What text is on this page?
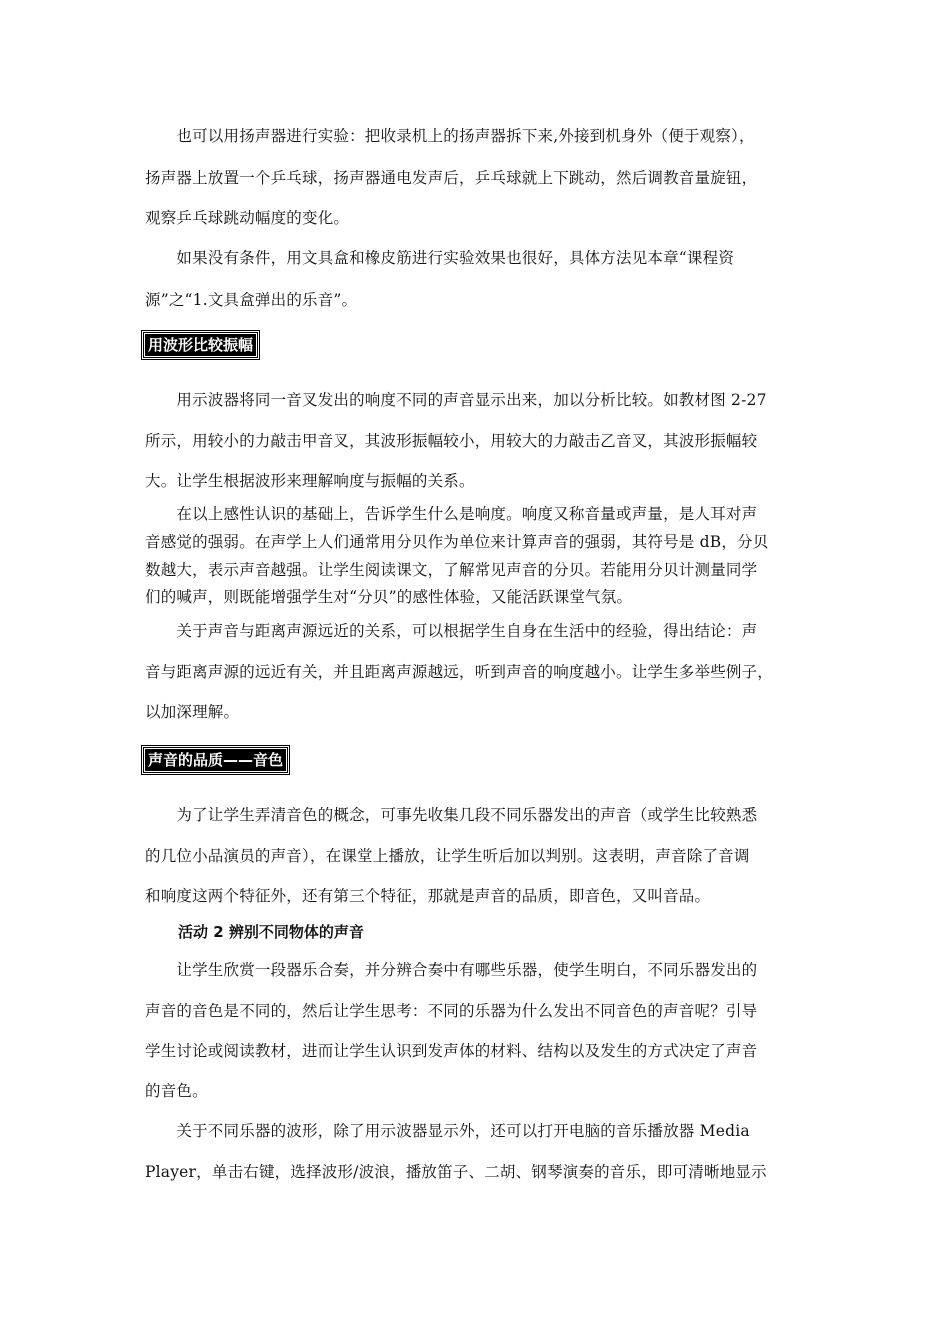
　　也可以用扬声器进行实验：把收录机上的扬声器拆下来,外接到机身外（便于观察），
扬声器上放置一个乒乓球，扬声器通电发声后，乒乓球就上下跳动，然后调教音量旋钮，
观察乒乓球跳动幅度的变化。
　　如果没有条件，用文具盒和橡皮筋进行实验效果也很好，具体方法见本章“课程资
源”之“1.文具盒弹出的乐音”。
用波形比较振幅
　　用示波器将同一音叉发出的响度不同的声音显示出来，加以分析比较。如教材图 2-27
所示，用较小的力敲击甲音叉，其波形振幅较小，用较大的力敲击乙音叉，其波形振幅较
大。让学生根据波形来理解响度与振幅的关系。
　　在以上感性认识的基础上，告诉学生什么是响度。响度又称音量或声量，是人耳对声
音感觉的强弱。在声学上人们通常用分贝作为单位来计算声音的强弱，其符号是 dB，分贝
数越大，表示声音越强。让学生阅读课文，了解常见声音的分贝。若能用分贝计测量同学
们的喊声，则既能增强学生对“分贝”的感性体验，又能活跃课堂气氛。
　　关于声音与距离声源远近的关系，可以根据学生自身在生活中的经验，得出结论：声
音与距离声源的远近有关，并且距离声源越远，听到声音的响度越小。让学生多举些例子，
以加深理解。
声音的品质——音色
　　为了让学生弄清音色的概念，可事先收集几段不同乐器发出的声音（或学生比较熟悉
的几位小品演员的声音），在课堂上播放，让学生听后加以判别。这表明，声音除了音调
和响度这两个特征外，还有第三个特征，那就是声音的品质，即音色，又叫音品。
活动 2 辨别不同物体的声音
　　让学生欣赏一段器乐合奏，并分辨合奏中有哪些乐器，使学生明白，不同乐器发出的
声音的音色是不同的，然后让学生思考：不同的乐器为什么发出不同音色的声音呢？引导
学生讨论或阅读教材，进而让学生认识到发声体的材料、结构以及发生的方式决定了声音
的音色。
　　关于不同乐器的波形，除了用示波器显示外，还可以打开电脑的音乐播放器 Media
Player，单击右键，选择波形/波浪，播放笛子、二胡、钢琴演奏的音乐，即可清晰地显示
